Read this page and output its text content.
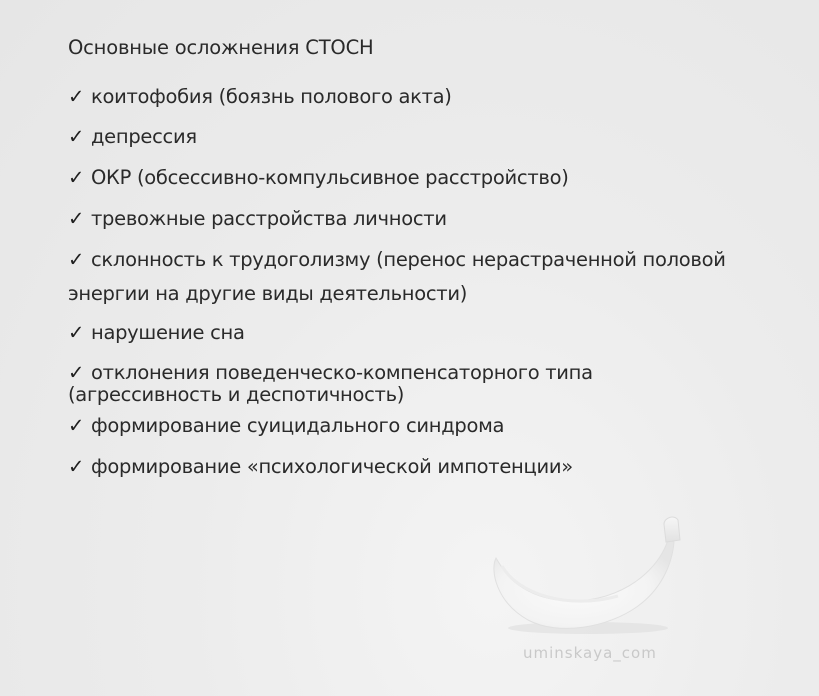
Основные осложнения СТОСН
✓ коитофобия (боязнь полового акта)
✓ депрессия
✓ ОКР (обсессивно-компульсивное расстройство)
✓ тревожные расстройства личности
✓ склонность к трудоголизму (перенос нерастраченной половой
энергии на другие виды деятельности)
✓ нарушение сна
✓ отклонения поведенческо-компенсаторного типа
(агрессивность и деспотичность)
✓ формирование суицидального синдрома
✓ формирование «психологической импотенции»
uminskaya_com
